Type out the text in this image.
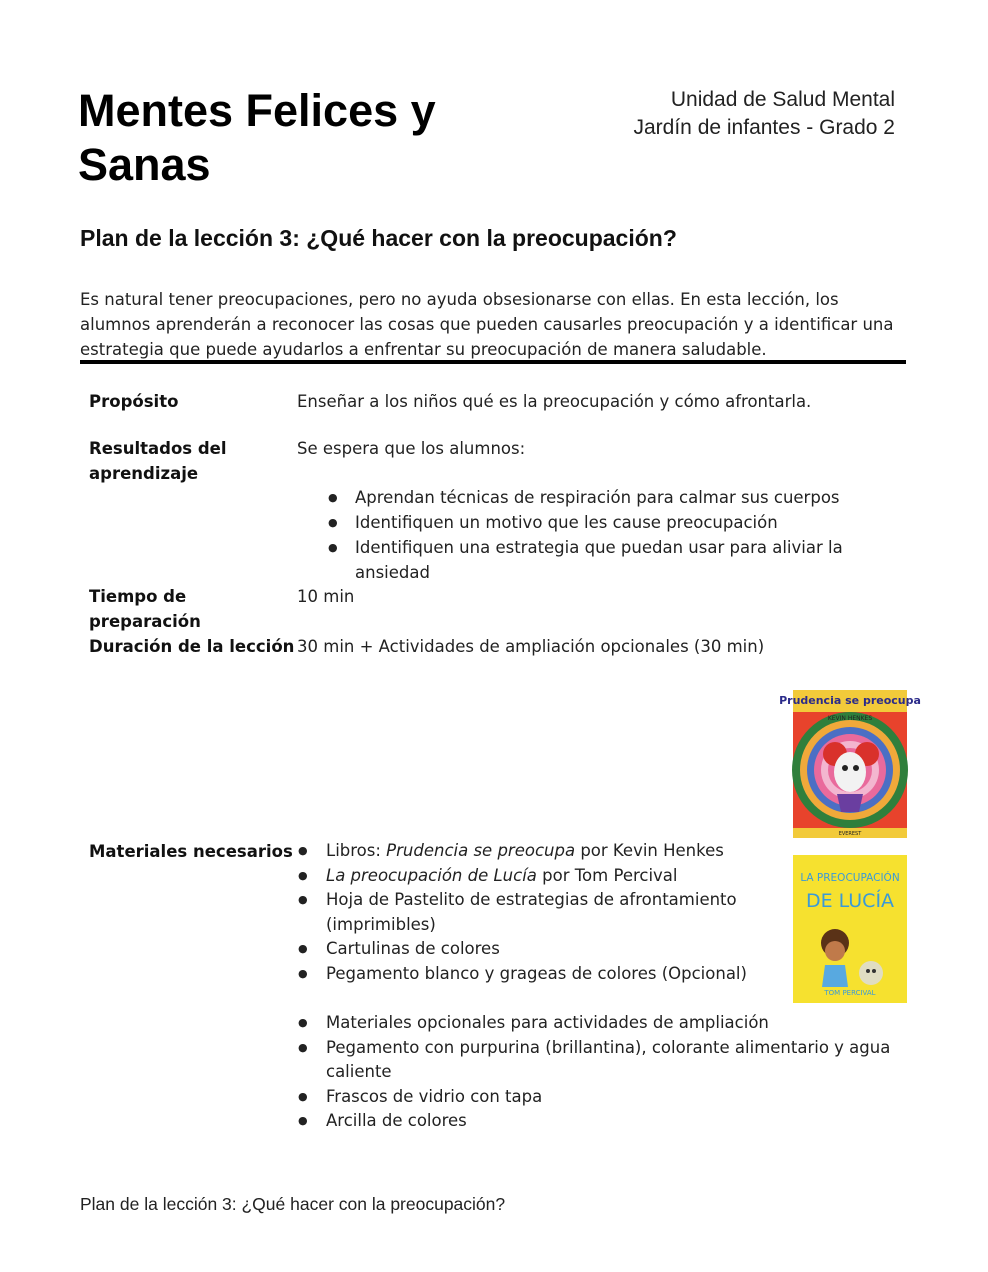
Mentes Felices y Sanas
Unidad de Salud Mental
Jardín de infantes - Grado 2
Plan de la lección 3: ¿Qué hacer con la preocupación?

Es natural tener preocupaciones, pero no ayuda obsesionarse con ellas. En esta lección, los alumnos aprenderán a reconocer las cosas que pueden causarles preocupación y a identificar una estrategia que puede ayudarlos a enfrentar su preocupación de manera saludable.

Propósito	Enseñar a los niños qué es la preocupación y cómo afrontarla.
Resultados del aprendizaje
Se espera que los alumnos:
● Aprendan técnicas de respiración para calmar sus cuerpos
● Identifiquen un motivo que les cause preocupación
● Identifiquen una estrategia que puedan usar para aliviar la ansiedad
Tiempo de preparación
10 min
Duración de la lección 30 min + Actividades de ampliación opcionales (30 min)
Prudencia se preocupa
KEVIN HENKES
EVEREST
Materiales necesarios
●	Libros: Prudencia se preocupa por Kevin Henkes
● La preocupación de Lucía por Tom Percival
● Hoja de Pastelito de estrategias de afrontamiento (imprimibles)
● Cartulinas de colores
● Pegamento blanco y grageas de colores (Opcional)
LA PREOCUPACIÓN
DE LUCÍA
TOM PERCIVAL
● Materiales opcionales para actividades de ampliación
● Pegamento con purpurina (brillantina), colorante alimentario y agua caliente
● Frascos de vidrio con tapa
● Arcilla de colores
Plan de la lección 3: ¿Qué hacer con la preocupación?
